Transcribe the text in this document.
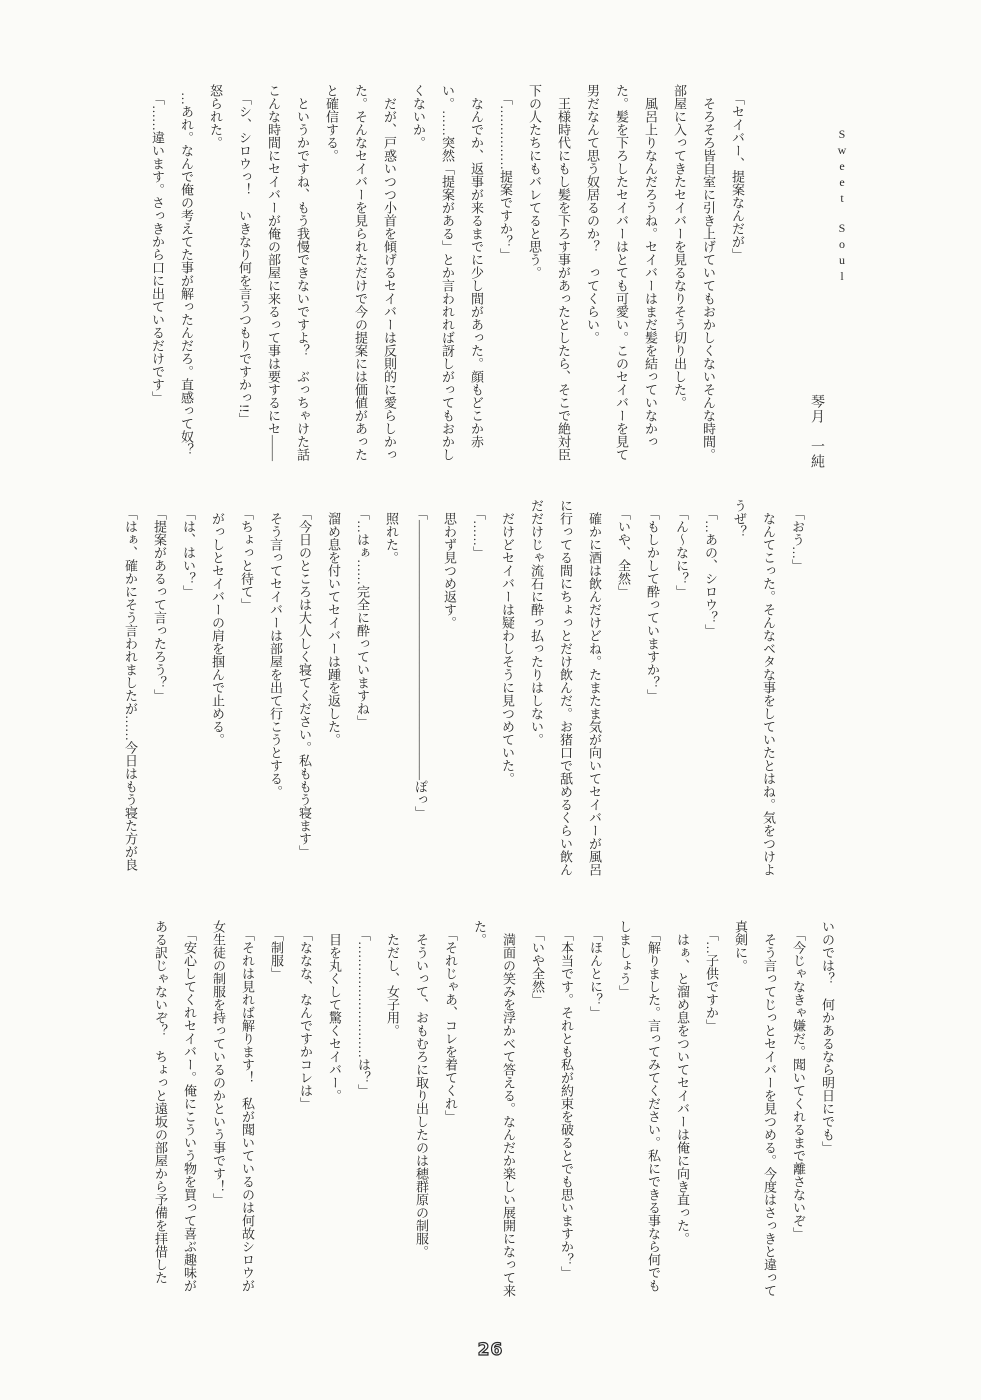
Sweet　Soul
琴月　一純

「セイバー、提案なんだが」

そろそろ皆自室に引き上げていてもおかしくないそんな時間。部屋に入ってきたセイバーを見るなりそう切り出した。

風呂上りなんだろうね。セイバーはまだ髪を結っていなかった。髪を下ろしたセイバーはとても可愛い。このセイバーを見て男だなんて思う奴居るのか？　ってくらい。

王様時代にもし髪を下ろす事があったとしたら、そこで絶対臣下の人たちにもバレてると思う。

「……………提案ですか？」

なんでか、返事が来るまでに少し間があった。顔もどこか赤い。……突然「提案がある」とか言われれば訝しがってもおかしくないか。

だが、戸惑いつつ小首を傾げるセイバーは反則的に愛らしかった。そんなセイバーを見られただけで今の提案には価値があったと確信する。

というかですね、もう我慢できないですよ？　ぶっちゃけた話こんな時間にセイバーが俺の部屋に来るって事は要するにセ――

「シ、シロウっ！　いきなり何を言うつもりですかっ!!」

怒られた。

…あれ。なんで俺の考えてた事が解ったんだろ。直感って奴？

「……違います。さっきから口に出ているだけです」

「おう…」

なんてこった。そんなベタな事をしていたとはね。気をつけようぜ？

「…あの、シロウ？」

「ん〜なに？」

「もしかして酔っていますか？」

「いや、全然」

確かに酒は飲んだけどね。たまたま気が向いてセイバーが風呂に行ってる間にちょっとだけ飲んだ。お猪口で舐めるくらい飲んだだけじゃ流石に酔っ払ったりはしない。

だけどセイバーは疑わしそうに見つめていた。

「……」

思わず見つめ返す。

「――――――――――――――――――――ぽっ」

照れた。

「…はぁ……完全に酔っていますね」

溜め息を付いてセイバーは踵を返した。

「今日のところは大人しく寝てください。私ももう寝ます」

そう言ってセイバーは部屋を出て行こうとする。

「ちょっと待て」

がっしとセイバーの肩を掴んで止める。

「は、はい？」

「提案があるって言ったろう？」

「はぁ、確かにそう言われましたが……今日はもう寝た方が良

いのでは？　何かあるなら明日にでも」

「今じゃなきゃ嫌だ。聞いてくれるまで離さないぞ」

そう言ってじっとセイバーを見つめる。今度はさっきと違って真剣に。

「…子供ですか」

はぁ、と溜め息をついてセイバーは俺に向き直った。

「解りました。言ってみてください。私にできる事なら何でもしましょう」

「ほんとに？」

「本当です。それとも私が約束を破るとでも思いますか？」

「いや全然」

満面の笑みを浮かべて答える。なんだか楽しい展開になって来た。

「それじゃあ、コレを着てくれ」

そういって、おもむろに取り出したのは穂群原の制服。

ただし、女子用。

「………………………は？」

目を丸くして驚くセイバー。

「ななな、なんですかコレは」

「制服」

「それは見れば解ります！　私が聞いているのは何故シロウが女生徒の制服を持っているのかという事です！」

「安心してくれセイバー。俺にこういう物を買って喜ぶ趣味がある訳じゃないぞ？　ちょっと遠坂の部屋から予備を拝借した

26
